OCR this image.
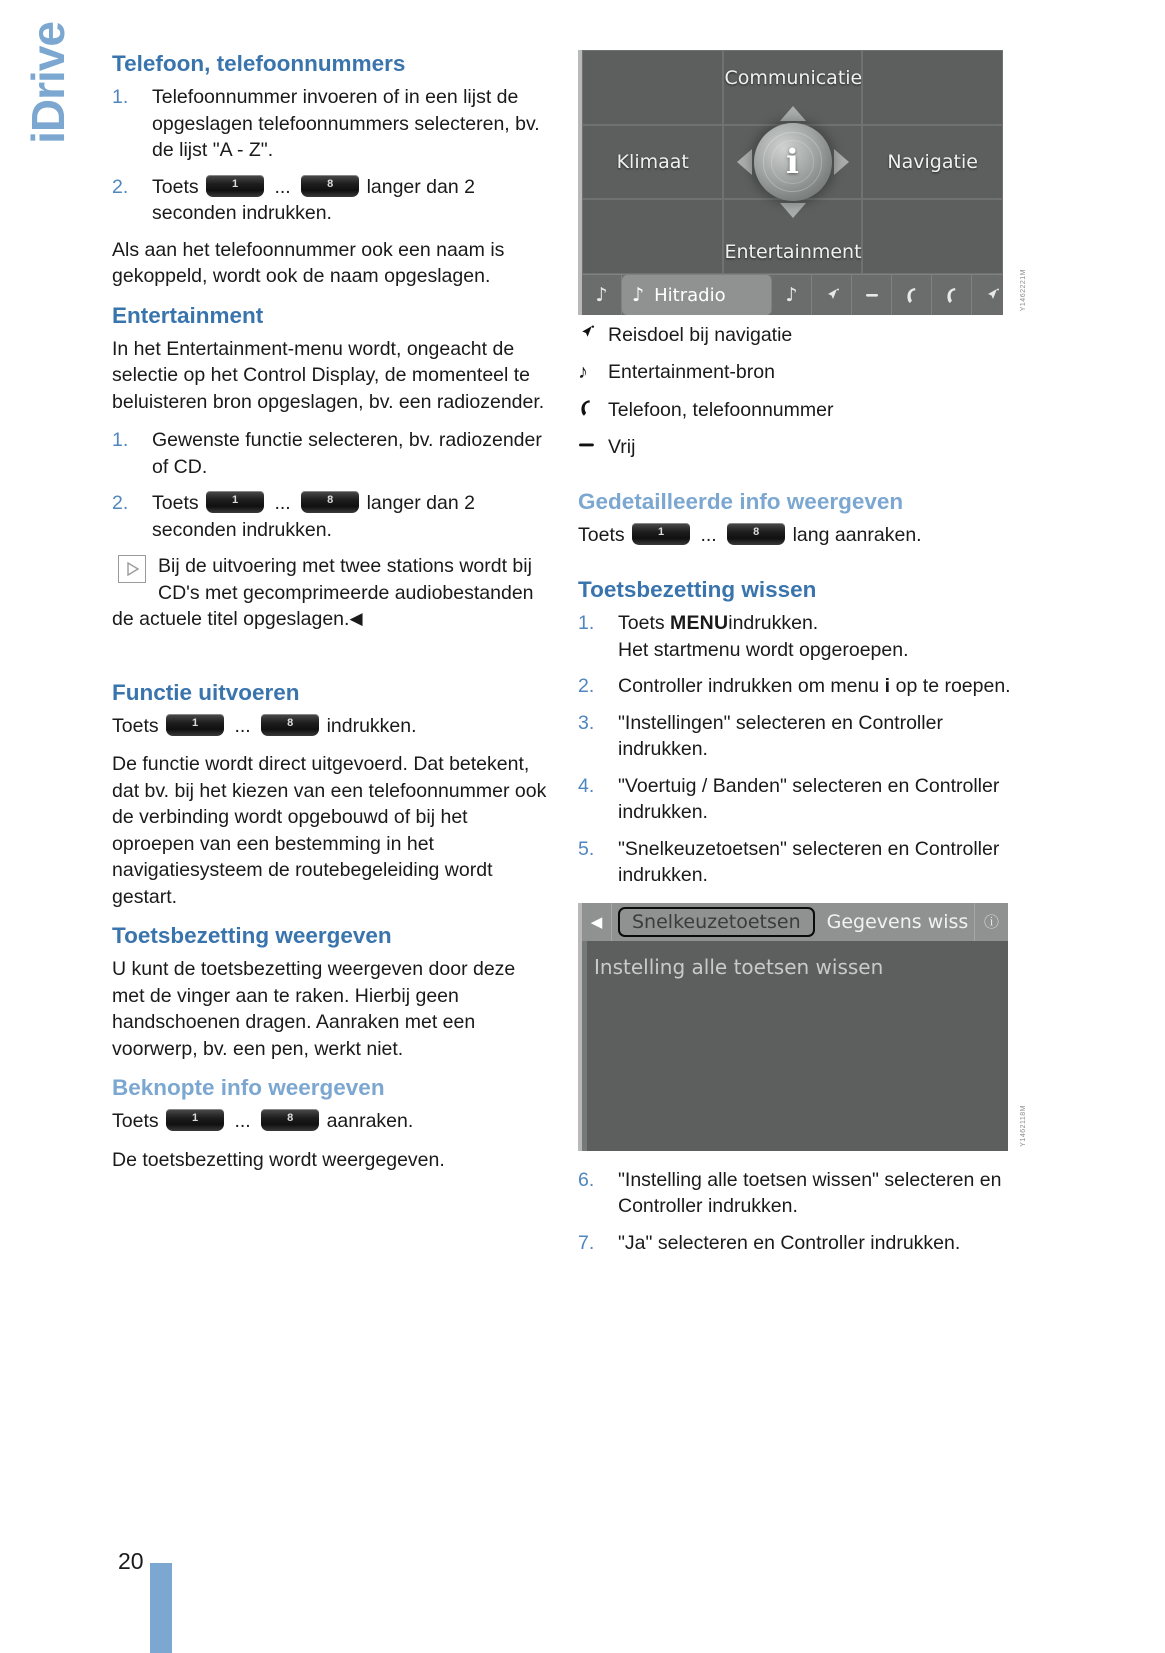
iDrive Telefoon, telefoonnummers
1.	Telefoonnummer invoeren of in een lijst de opgeslagen telefoonnummers selecteren, bv. de lijst "A - Z".
2.	Toets	1	...	8	langer dan 2 seconden indrukken.

Als aan het telefoonnummer ook een naam is gekoppeld, wordt ook de naam opgeslagen.

Entertainment

In het Entertainment-menu wordt, ongeacht de selectie op het Control Display, de momenteel te beluisteren bron opgeslagen, bv. een radiozender.

1.	Gewenste functie selecteren, bv. radiozender of CD.
2.	Toets	1	...	8	langer dan 2 seconden indrukken.
Bij de uitvoering met twee stations wordt bij CD's met gecomprimeerde audiobestanden de actuele titel opgeslagen.◀
Functie uitvoeren

Toets	1	...	8	indrukken.

De functie wordt direct uitgevoerd. Dat betekent, dat bv. bij het kiezen van een telefoonnummer ook de verbinding wordt opgebouwd of bij het oproepen van een bestemming in het navigatiesysteem de routebegeleiding wordt gestart.

Toetsbezetting weergeven

U kunt de toetsbezetting weergeven door deze met de vinger aan te raken. Hierbij geen handschoenen dragen. Aanraken met een voorwerp, bv. een pen, werkt niet.

Beknopte info weergeven

Toets	1	...	8	aanraken.

De toetsbezetting wordt weergegeven.

Communicatie
Klimaat	Navigatie
Entertainment
i
♪	♪ Hitradio	♪	Y1462221M
Reisdoel bij navigatie
♪	Entertainment-bron
Telefoon, telefoonnummer
Vrij
Gedetailleerde info weergeven

Toets	1	...	8	lang aanraken.

Toetsbezetting wissen
1.	Toets MENUindrukken.
Het startmenu wordt opgeroepen.
2.	Controller indrukken om menu i op te roepen.
3.	"Instellingen" selecteren en Controller indrukken.
4.	"Voertuig / Banden" selecteren en Controller indrukken.
5.	"Snelkeuzetoetsen" selecteren en Controller indrukken.
◀	Snelkeuzetoetsen	Gegevens wiss	ⓘ
Instelling alle toetsen wissen
Y1462118M
6.	"Instelling alle toetsen wissen" selecteren en Controller indrukken.
7.	"Ja" selecteren en Controller indrukken.
20
